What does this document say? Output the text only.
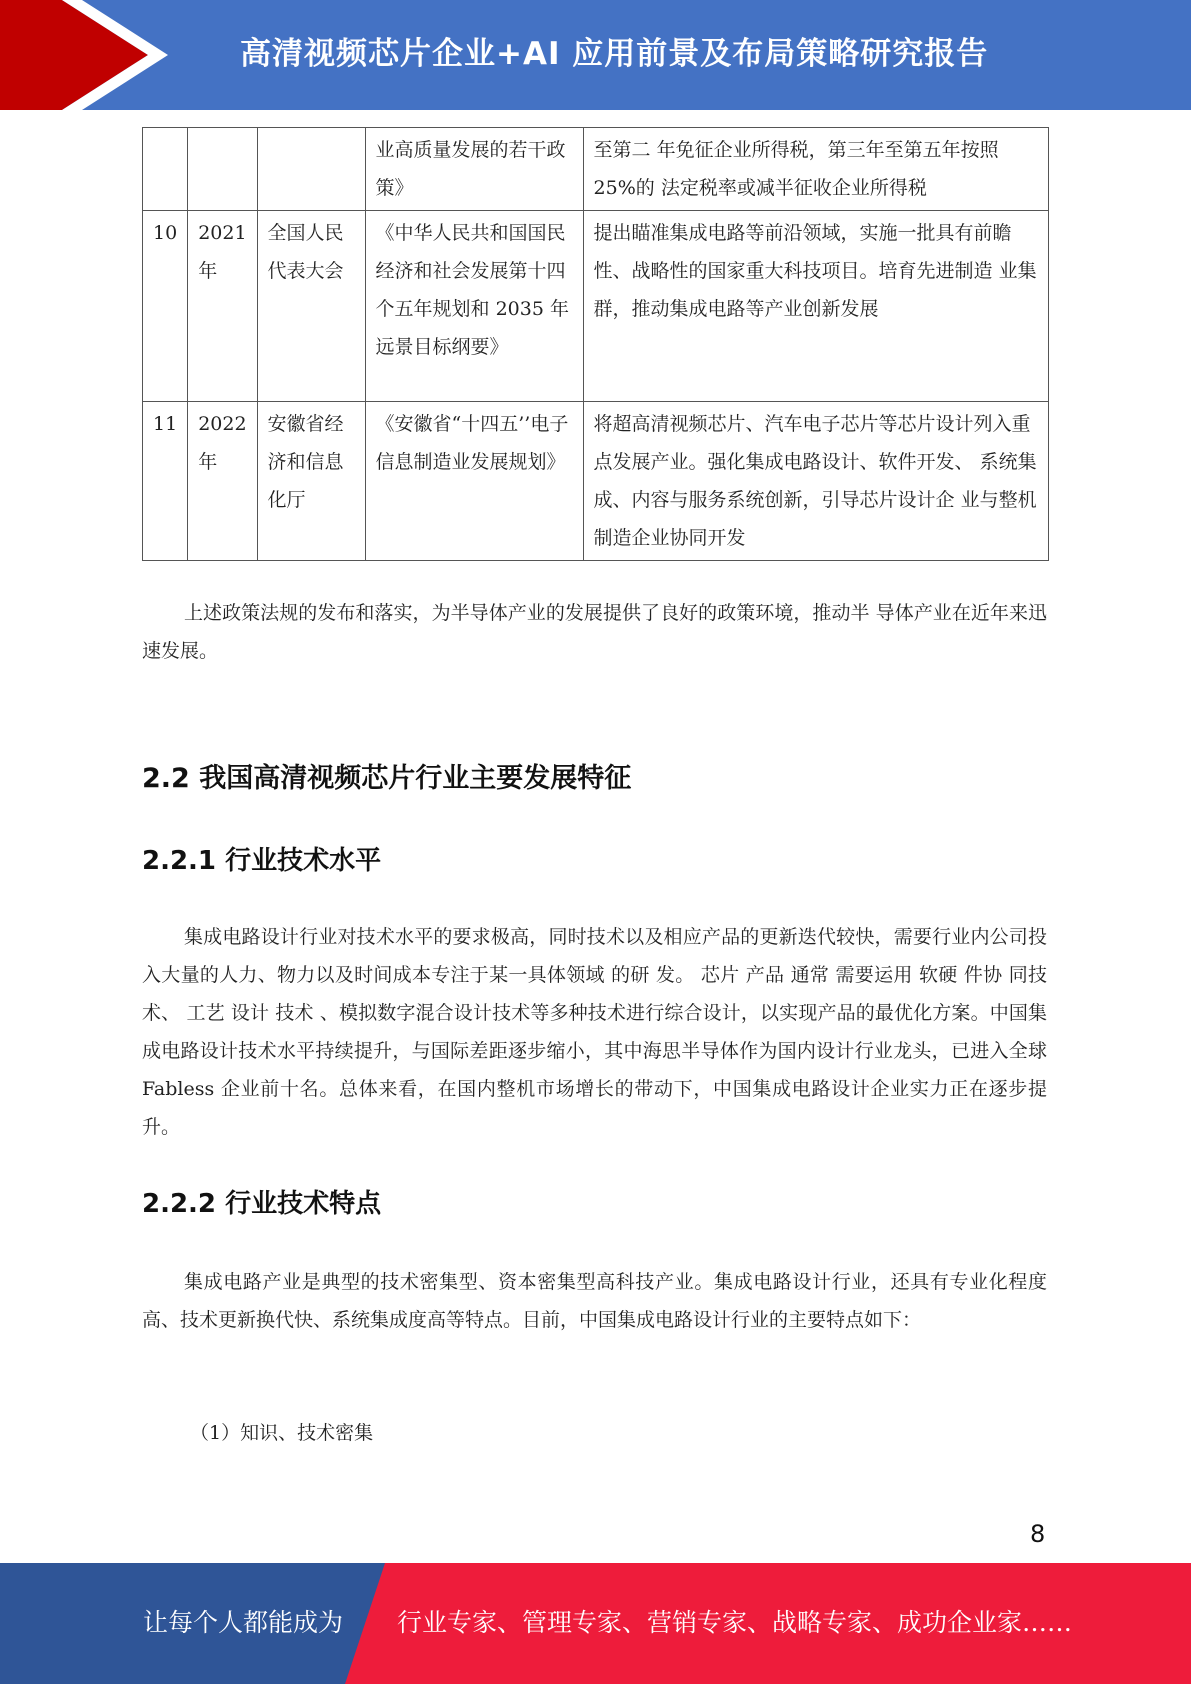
高清视频芯片企业+AI 应用前景及布局策略研究报告
			业高质量发展的若干政策》	至第二 年免征企业所得税，第三年至第五年按照 25%的 法定税率或减半征收企业所得税
10	2021 年	全国人民代表大会	《中华人民共和国国民经济和社会发展第十四个五年规划和 2035 年远景目标纲要》	提出瞄准集成电路等前沿领域，实施一批具有前瞻性、战略性的国家重大科技项目。培育先进制造 业集群，推动集成电路等产业创新发展
11	2022 年	安徽省经济和信息化厅	《安徽省“十四五’’电子信息制造业发展规划》	将超高清视频芯片、汽车电子芯片等芯片设计列入重点发展产业。强化集成电路设计、软件开发、 系统集成、内容与服务系统创新，引导芯片设计企 业与整机制造企业协同开发

上述政策法规的发布和落实，为半导体产业的发展提供了良好的政策环境，推动半 导体产业在近年来迅速发展。

2.2 我国高清视频芯片行业主要发展特征
2.2.1 行业技术水平

集成电路设计行业对技术水平的要求极高，同时技术以及相应产品的更新迭代较快，需要行业内公司投入大量的人力、物力以及时间成本专注于某一具体领域 的研 发。 芯片 产品 通常 需要运用 软硬 件协 同技 术、 工艺 设计 技术 、模拟数字混合设计技术等多种技术进行综合设计，以实现产品的最优化方案。中国集成电路设计技术水平持续提升，与国际差距逐步缩小，其中海思半导体作为国内设计行业龙头，已进入全球 Fabless 企业前十名。总体来看，在国内整机市场增长的带动下，中国集成电路设计企业实力正在逐步提升。

2.2.2 行业技术特点

集成电路产业是典型的技术密集型、资本密集型高科技产业。集成电路设计行业，还具有专业化程度高、技术更新换代快、系统集成度高等特点。目前，中国集成电路设计行业的主要特点如下：

（1）知识、技术密集

8
让每个人都能成为 行业专家、管理专家、营销专家、战略专家、成功企业家……
